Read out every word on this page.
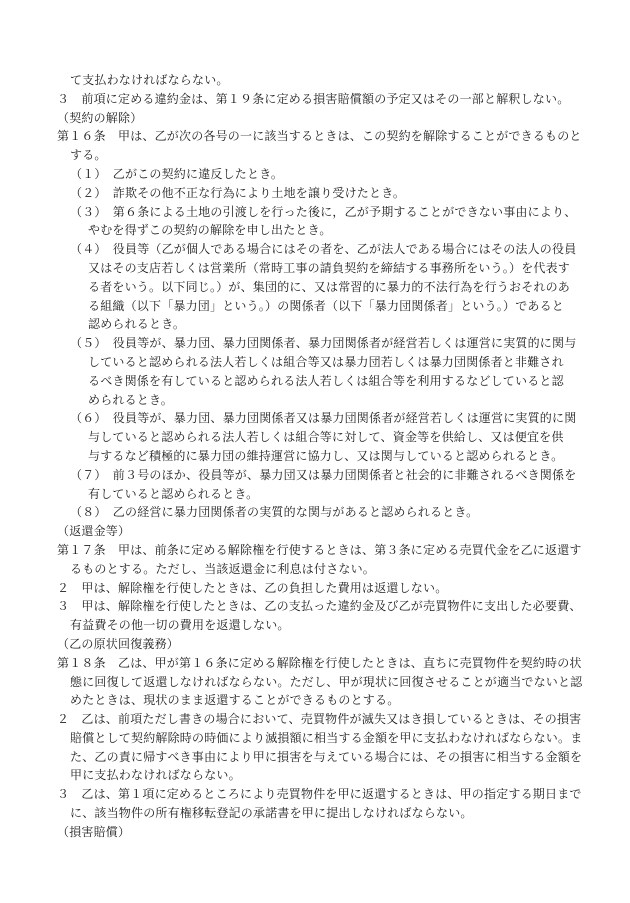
て支払わなければならない。
３　前項に定める違約金は、第１９条に定める損害賠償額の予定又はその一部と解釈しない。
（契約の解除）
第１６条　甲は、乙が次の各号の一に該当するときは、この契約を解除することができるものと
する。
（１）　乙がこの契約に違反したとき。
（２）　詐欺その他不正な行為により土地を譲り受けたとき。
（３）　第６条による土地の引渡しを行った後に，乙が予期することができない事由により、
やむを得ずこの契約の解除を申し出たとき。
（４）　役員等（乙が個人である場合にはその者を、乙が法人である場合にはその法人の役員
又はその支店若しくは営業所（常時工事の請負契約を締結する事務所をいう。）を代表す
る者をいう。以下同じ。）が、集団的に、又は常習的に暴力的不法行為を行うおそれのあ
る組織（以下「暴力団」という。）の関係者（以下「暴力団関係者」という。）であると
認められるとき。
（５）　役員等が、暴力団、暴力団関係者、暴力団関係者が経営若しくは運営に実質的に関与
していると認められる法人若しくは組合等又は暴力団若しくは暴力団関係者と非難され
るべき関係を有していると認められる法人若しくは組合等を利用するなどしていると認
められるとき。
（６）　役員等が、暴力団、暴力団関係者又は暴力団関係者が経営若しくは運営に実質的に関
与していると認められる法人若しくは組合等に対して、資金等を供給し、又は便宜を供
与するなど積極的に暴力団の維持運営に協力し、又は関与していると認められるとき。
（７）　前３号のほか、役員等が、暴力団又は暴力団関係者と社会的に非難されるべき関係を
有していると認められるとき。
（８）　乙の経営に暴力団関係者の実質的な関与があると認められるとき。
（返還金等）
第１７条　甲は、前条に定める解除権を行使するときは、第３条に定める売買代金を乙に返還す
るものとする。ただし、当該返還金に利息は付さない。
２　甲は、解除権を行使したときは、乙の負担した費用は返還しない。
３　甲は、解除権を行使したときは、乙の支払った違約金及び乙が売買物件に支出した必要費、
有益費その他一切の費用を返還しない。
（乙の原状回復義務）
第１８条　乙は、甲が第１６条に定める解除権を行使したときは、直ちに売買物件を契約時の状
態に回復して返還しなければならない。ただし、甲が現状に回復させることが適当でないと認
めたときは、現状のまま返還することができるものとする。
２　乙は、前項ただし書きの場合において、売買物件が滅失又はき損しているときは、その損害
賠償として契約解除時の時価により滅損額に相当する金額を甲に支払わなければならない。ま
た、乙の責に帰すべき事由により甲に損害を与えている場合には、その損害に相当する金額を
甲に支払わなければならない。
３　乙は、第１項に定めるところにより売買物件を甲に返還するときは、甲の指定する期日まで
に、該当物件の所有権移転登記の承諾書を甲に提出しなければならない。
（損害賠償）
